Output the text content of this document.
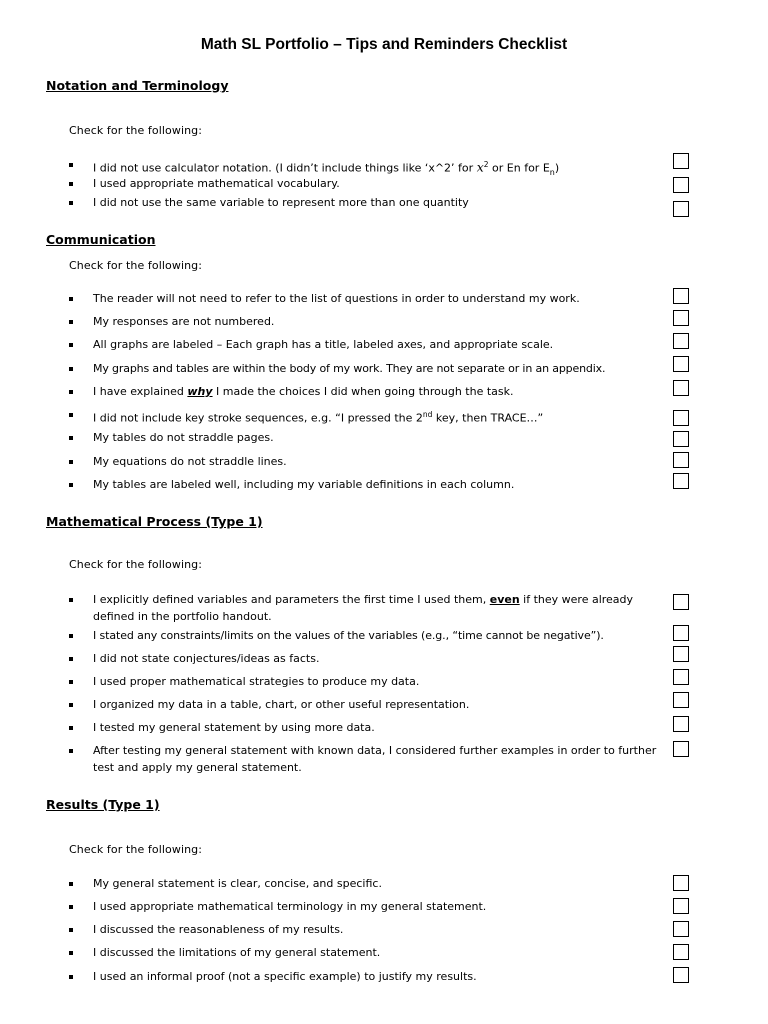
Math SL Portfolio – Tips and Reminders Checklist
Notation and Terminology
Check for the following:
I did not use calculator notation. (I didn’t include things like ‘x^2’ for $x^2$ or En for $E_n$)
I used appropriate mathematical vocabulary.
I did not use the same variable to represent more than one quantity
Communication
Check for the following:
The reader will not need to refer to the list of questions in order to understand my work.
My responses are not numbered.
All graphs are labeled – Each graph has a title, labeled axes, and appropriate scale.
My graphs and tables are within the body of my work. They are not separate or in an appendix.
I have explained why I made the choices I did when going through the task.
I did not include key stroke sequences, e.g. “I pressed the 2nd key, then TRACE…”
My tables do not straddle pages.
My equations do not straddle lines.
My tables are labeled well, including my variable definitions in each column.
Mathematical Process (Type 1)
Check for the following:
I explicitly defined variables and parameters the first time I used them, even if they were already defined in the portfolio handout.
I stated any constraints/limits on the values of the variables (e.g., “time cannot be negative”).
I did not state conjectures/ideas as facts.
I used proper mathematical strategies to produce my data.
I organized my data in a table, chart, or other useful representation.
I tested my general statement by using more data.
After testing my general statement with known data, I considered further examples in order to further test and apply my general statement.
Results (Type 1)
Check for the following:
My general statement is clear, concise, and specific.
I used appropriate mathematical terminology in my general statement.
I discussed the reasonableness of my results.
I discussed the limitations of my general statement.
I used an informal proof (not a specific example) to justify my results.
